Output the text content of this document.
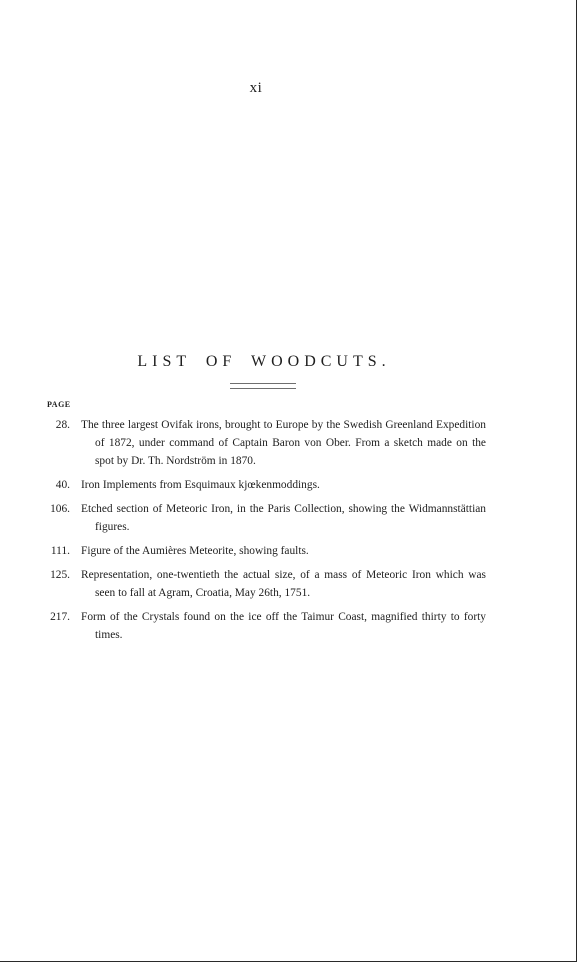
xi
LIST OF WOODCUTS.
PAGE
28. The three largest Ovifak irons, brought to Europe by the Swedish Greenland Expedition of 1872, under command of Captain Baron von Ober. From a sketch made on the spot by Dr. Th. Nordström in 1870.
40. Iron Implements from Esquimaux kjœkenmoddings.
106. Etched section of Meteoric Iron, in the Paris Collection, showing the Widmannstättian figures.
111. Figure of the Aumières Meteorite, showing faults.
125. Representation, one-twentieth the actual size, of a mass of Meteoric Iron which was seen to fall at Agram, Croatia, May 26th, 1751.
217. Form of the Crystals found on the ice off the Taimur Coast, magnified thirty to forty times.
